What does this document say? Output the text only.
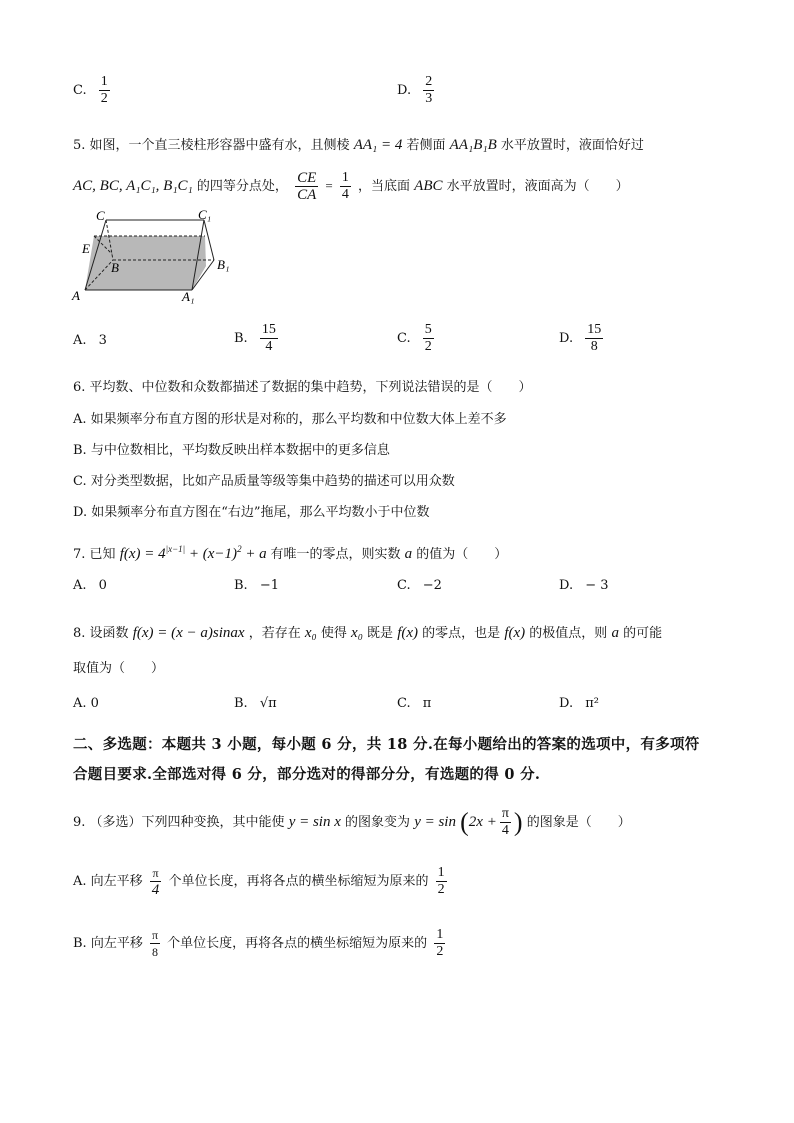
C. $\frac{1}{2}$	D. $\frac{2}{3}$
5. 如图，一个直三棱柱形容器中盛有水，且侧棱 AA₁ = 4 若侧面 AA₁B₁B 水平放置时，液面恰好过
AC, BC, A₁C₁, B₁C₁ 的四等分点处， $\frac{CE}{CA} = \frac{1}{4}$ ，当底面 ABC 水平放置时，液面高为（　　）
C	C₁
E
B	B₁
A	A₁
A. 3	B. $\frac{15}{4}$	C. $\frac{5}{2}$	D. $\frac{15}{8}$
6. 平均数、中位数和众数都描述了数据的集中趋势，下列说法错误的是（　　）
A. 如果频率分布直方图的形状是对称的，那么平均数和中位数大体上差不多
B. 与中位数相比，平均数反映出样本数据中的更多信息
C. 对分类型数据，比如产品质量等级等集中趋势的描述可以用众数
D. 如果频率分布直方图在“右边”拖尾，那么平均数小于中位数
7. 已知 $f(x) = 4^{|x-1|} + (x-1)^2 + a$ 有唯一的零点，则实数 a 的值为（　　）
A. 0	B. −1	C. −2	D. − 3
8. 设函数 f(x) = (x − a)sinax ，若存在 x₀ 使得 x₀ 既是 f(x) 的零点，也是 f(x) 的极值点，则 a 的可能
取值为（　　）
A. 0	B. √π	C. π	D. π²
二、多选题：本题共 3 小题，每小题 6 分，共 18 分.在每小题给出的答案的选项中，有多项符
合题目要求.全部选对得 6 分，部分选对的得部分分，有选题的得 0 分.
9. （多选）下列四种变换，其中能使 y = sin x 的图象变为 $y = \sin (2x + \frac{\pi}{4}$ ) 的图象是（　　）
A. 向左平移 $\frac{\pi}{4}$ 个单位长度，再将各点的横坐标缩短为原来的 $\frac{1}{2}$
B. 向左平移 $\frac{\pi}{8}$ 个单位长度，再将各点的横坐标缩短为原来的 $\frac{1}{2}$
